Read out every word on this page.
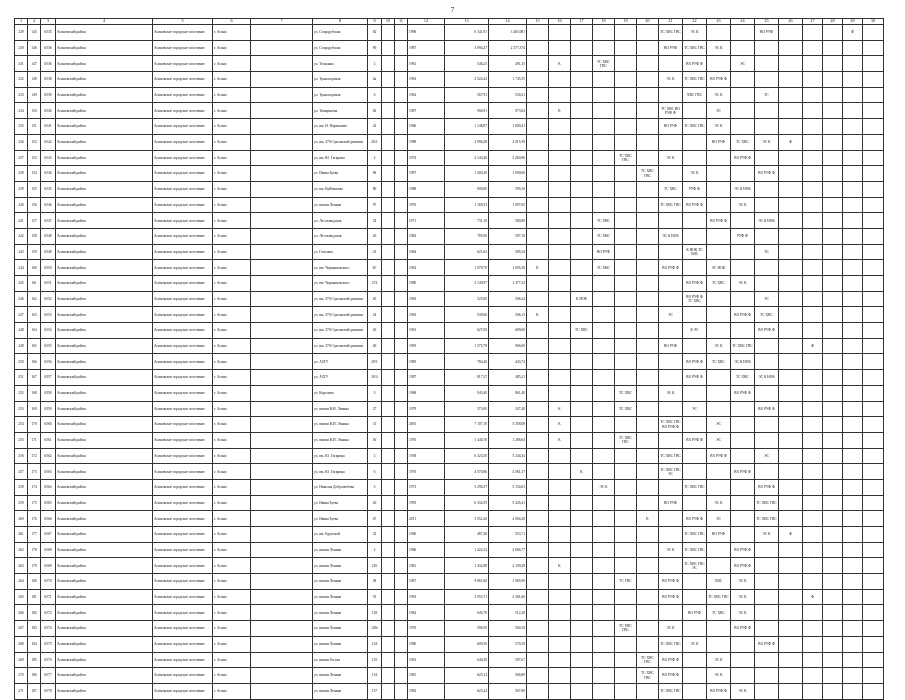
7
1	2	3	4	5	6	7	8	9	10	11	12	13	14	15	16	17	18	19	20	21	22	23	24	25	26	27	28	29	30
229	145	6535	Асиновский район	Асиновское городское поселение	г. Асино		ул. Стародубская	82			1996	6 341,91	3 465,081							ТС ХВС ГВС	ЭС К			ВО РУФ				Ф	
230	146	6536	Асиновский район	Асиновское городское поселение	г. Асино		ул. Стародубская	90			1987	3 094,47	2 377,374							ВО РУФ	ТС ХВС ГВС	ЭС К							
231	147	6536	Асиновский район	Асиновское городское поселение	г. Асино		ул. Тельмана	2			1961	546,25	491,35		К		ТС ХВС ГВС				ВО РУФ Ф		ЭС						
232	148	6538	Асиновский район	Асиновское городское поселение	г. Асино		ул. Транспортная	4а			1963	2 524,42	1 745,55							ЭС К	ТС ХВС ГВС	ВО РУФ Ф							
233	149	6539	Асиновский район	Асиновское городское поселение	г. Асино		ул. Транспортная	6			1962	567,91	530,21								ХВС ГВС	ЭС К		ТС					
234	150	6540	Асиновский район	Асиновское городское поселение	г. Асино		ул. Тимирязева	82			1987	904,91	973,04		К					ТС ХВС ВО РУФ Ф		ЭС							
235	151	6541	Асиновский район	Асиновское городское поселение	г. Асино		ул. им. Н. Фурманова	42			1966	1 148,87	1 000,41							ВО РУФ	ТС ХВС ГВС	ЭС К							
236	152	6542	Асиновский район	Асиновское городское поселение	г. Асино		ул. им. 370 Стрелковой дивизии	26/1			1988	2 996,28	2 015,39									ВО РУФ	ТС ХВС	ЭС К	Ф				
237	153	6543	Асиновский район	Асиновское городское поселение	г. Асино		ул. им. Ю. Гагарина	4			1974	4 143,40	3 260,80					ТС ХВС ГВС		ЭС К			ВО РУФ Ф						
238	154	6544	Асиновский район	Асиновское городское поселение	г. Асино		ул. Ивана Буева	68			1997	1 400,20	1 090,60						ТС ХВС ГВС		ЭС К			ВО РУФ Ф					
239	155	6545	Асиновский район	Асиновское городское поселение	г. Асино		ул. им. Куйбышева	80			1988	690,00	590,16							ТС ХВС	РУФ Ф		ЭС К НОК						
240	156	6546	Асиновский район	Асиновское городское поселение	г. Асино		ул. имени Ленина	97			1976	1 169,53	1 097,65							ТС ХВС ГВС	ВО РУФ Ф		ЭС К						
241	157	6547	Асиновский район	Асиновское городское поселение	г. Асино		ул. Лесозаводская	24			1971	731,10	580,80				ТС ХВС					ВО РУФ Ф		ЭС К НОК					
242	158	6548	Асиновский район	Асиновское городское поселение	г. Асино		ул. Лесозаводская	26			1982	785,90	587,10				ТС ХВС			ЭС К НОК			РУФ Ф						
243	159	6549	Асиновский район	Асиновское городское поселение	г. Асино		ул. Гоголева	41			1964	621,62	585,34				ВО РУФ				К НОК ТС ХВС			ЭС					
244	160	6550	Асиновский район	Асиновское городское поселение	г. Асино		ул. им. Чернышевского	6Г			1962	1 078,70	1 005,30	К			ТС ХВС			ВО РУФ Ф		ЭС НОК							
245	161	6551	Асиновский район	Асиновское городское поселение	г. Асино		ул. им. Чернышевского	274			1980	3 149,97	1 477,34								ВО РУФ Ф	ТС ХВС	ЭС К						
246	162	6552	Асиновский район	Асиновское городское поселение	г. Асино		ул. им. 370 Стрелковой дивизии	20			1963	525,06	506,24			К НОК					ВО РУФ Ф ТС ХВС			ЭС					
247	163	6553	Асиновский район	Асиновское городское поселение	г. Асино		ул. им. 370 Стрелковой дивизии	24			1963	539,66	506,13	К						ЭС			ВО РУФ Ф	ТС ХВС					
248	164	6554	Асиновский район	Асиновское городское поселение	г. Асино		ул. им. 370 Стрелковой дивизии	26			1961	627,00	609,60			ТС ХВС					К ЭС			ВО РУФ Ф					
249	165	6555	Асиновский район	Асиновское городское поселение	г. Асино		ул. им. 370 Стрелковой дивизии	40			1995	1 375,79	966,00							ВО РУФ		ЭС К	ТС ХВС ГВС			Ф			
250	166	6556	Асиновский район	Асиновское городское поселение	г. Асино		ул. АЗТУ	29/1			1985	784,40	443,74								ВО РУФ Ф	ТС ХВС	ЭС К НОК						
251	167	6557	Асиновский район	Асиновское городское поселение	г. Асино		ул. АЗТУ	30/4			1987	817,37	485,21								ВО РУФ Ф		ТС ХВС	ЭС К НОК					
252	168	6558	Асиновский район	Асиновское городское поселение	г. Асино		ул. Королева	3			1968	945,40	861,40					ТС ХВС		ЭС К			ВО РУФ Ф						
253	169	6559	Асиновский район	Асиновское городское поселение	г. Асино		ул. имени В.И. Ленина	27			1979	373,00	347,40		К			ТС ХВС			ЭС			ВО РУФ Ф					
254	170	6560	Асиновский район	Асиновское городское поселение	г. Асино		ул. имени В.И. Ленина	31			2001	7 107,19	5 358,08		К					ТС ХВС ГВС ВО РУФ Ф		ЭС							
255	171	6561	Асиновский район	Асиновское городское поселение	г. Асино		ул. имени В.И. Ленина	36			1976	1 440,76	1 286,64		К			ТС ХВС ГВС			ВО РУФ Ф	ЭС							
256	172	6562	Асиновский район	Асиновское городское поселение	г. Асино		ул. им. Ю. Гагарина	2			1958	6 323,50	5 244,34							ТС ХВС ГВС		ВО РУФ Ф		ЭС					
257	173	6563	Асиновский район	Асиновское городское поселение	г. Асино		ул. им. Ю. Гагарина	6			1970	4 570,86	4 581,37			К				ТС ХВС ГВС ЭС			ВО РУФ Ф						
258	174	6564	Асиновский район	Асиновское городское поселение	г. Асино		ул. Николая Добролюбова	3			1973	5 296,37	5 154,03				ЭС К				ТС ХВС ГВС			ВО РУФ Ф					
259	175	6565	Асиновский район	Асиновское городское поселение	г. Асино		ул. Ивана Буева	26			1995	6 334,59	5 445,41							ВО РУФ		ЭС К		ТС ХВС ГВС					
260	176	6566	Асиновский район	Асиновское городское поселение	г. Асино		ул. Ивана Буева	67			2011	5 052,26	4 004,20						К		ВО РУФ Ф	ЭС		ТС ХВС ГВС					
261	177	6567	Асиновский район	Асиновское городское поселение	г. Асино		ул. им. Крупской	32			1960	487,40	353,71								ТС ХВС ГВС	ВО РУФ		ЭС К	Ф				
262	178	6568	Асиновский район	Асиновское городское поселение	г. Асино		ул. имени Ленина	4			1986	1 422,54	4 066,77							ЭС К	ТС ХВС ГВС		ВО РУФ Ф						
263	179	6569	Асиновский район	Асиновское городское поселение	г. Асино		ул. имени Ленина	216			1981	1 432,88	4 190,28		К						ТС ХВС ГВС ЭС		ВО РУФ Ф						
264	180	6570	Асиновский район	Асиновское городское поселение	г. Асино		ул. имени Ленина	38			1967	9 861,60	1 965,90					ТС ГВС		ВО РУФ Ф		ХВС	ЭС К						
265	181	6571	Асиновский район	Асиновское городское поселение	г. Асино		ул. имени Ленина	91			1993	3 953,71	4 381,66							ВО РУФ Ф		ТС ХВС ГВС	ЭС К			Ф			
266	182	6572	Асиновский район	Асиновское городское поселение	г. Асино		ул. имени Ленина	129			1982	645,70	512,20								ВО РУФ	ТС ХВС	ЭС К						
267	183	6574	Асиновский район	Асиновское городское поселение	г. Асино		ул. имени Ленина	129г			1970	596,50	560,10					ТС ХВС ГВС		ЭС К			ВО РУФ Ф						
268	184	6575	Асиновский район	Асиновское городское поселение	г. Асино		ул. имени Ленина	134			1980	609,56	570,39							ТС ХВС ГВС	ЭС К			ВО РУФ Ф					
269	185	6576	Асиновский район	Асиновское городское поселение	г. Асино		ул. имени Гоголя	135			1961	640,29	587,67						ТС ХВС ГВС	ВО РУФ Ф		ЭС К							
270	186	6577	Асиновский район	Асиновское городское поселение	г. Асино		ул. имени Ленина	134			1981	625,12	566,80						ТС ХВС ГВС	ВО РУФ Ф		ЭС К							
271	187	6578	Асиновский район	Асиновское городское поселение	г. Асино		ул. имени Ленина	137			1982	625,24	567,80							ТС ХВС ГВС		ВО РУФ Ф	ЭС К						
